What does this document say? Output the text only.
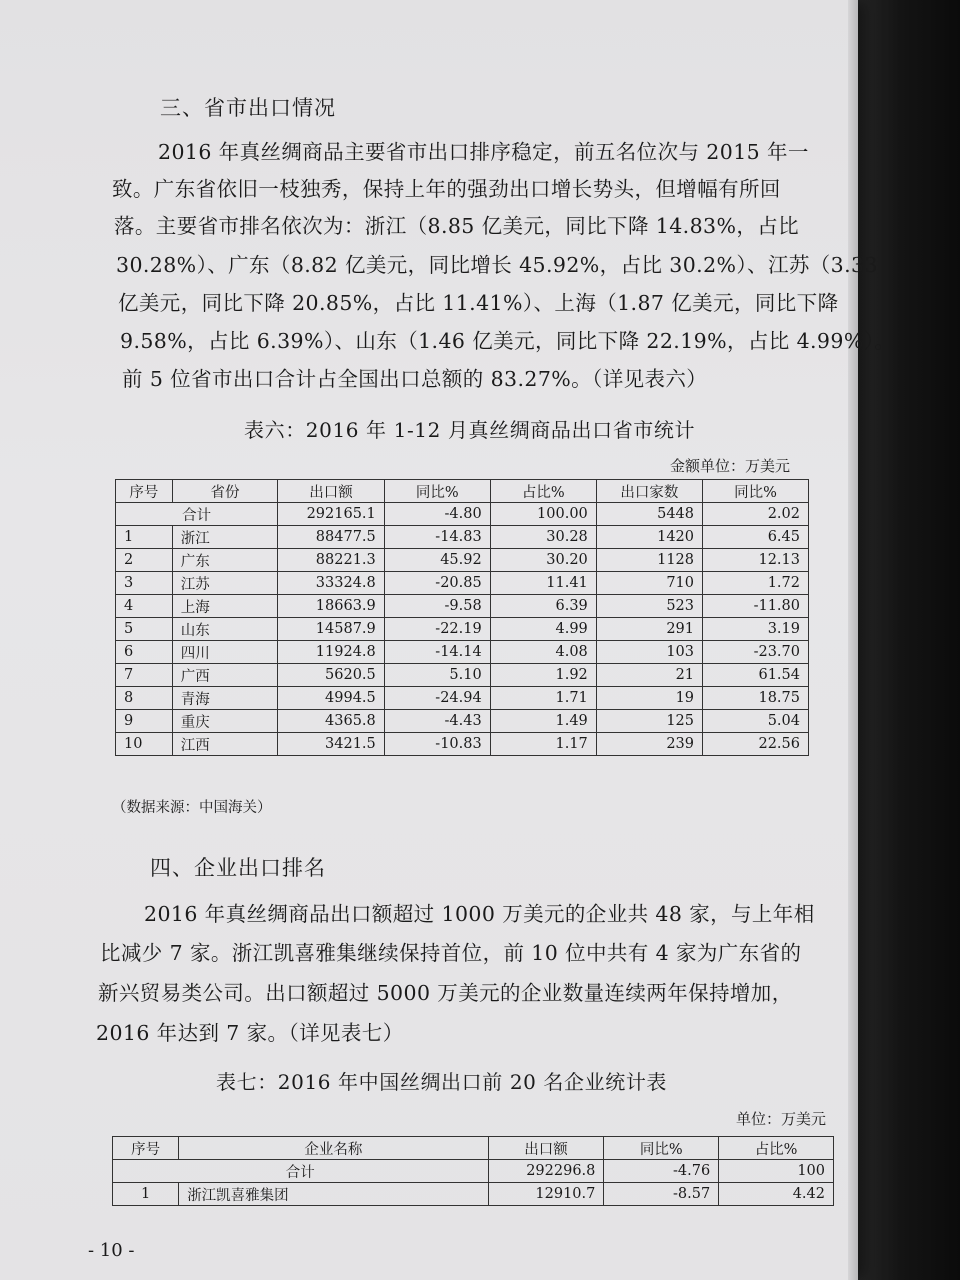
三、省市出口情况
2016 年真丝绸商品主要省市出口排序稳定，前五名位次与 2015 年一
致。广东省依旧一枝独秀，保持上年的强劲出口增长势头，但增幅有所回
落。主要省市排名依次为：浙江（8.85 亿美元，同比下降 14.83%，占比
30.28%）、广东（8.82 亿美元，同比增长 45.92%，占比 30.2%）、江苏（3.33
亿美元，同比下降 20.85%，占比 11.41%）、上海（1.87 亿美元，同比下降
9.58%，占比 6.39%）、山东（1.46 亿美元，同比下降 22.19%，占比 4.99%）。
前 5 位省市出口合计占全国出口总额的 83.27%。（详见表六）
表六：2016 年 1-12 月真丝绸商品出口省市统计
金额单位：万美元
序号	省份	出口额	同比%	占比%	出口家数	同比%
合计		292165.1	-4.80	100.00	5448	2.02
1	浙江	88477.5	-14.83	30.28	1420	6.45
2	广东	88221.3	45.92	30.20	1128	12.13
3	江苏	33324.8	-20.85	11.41	710	1.72
4	上海	18663.9	-9.58	6.39	523	-11.80
5	山东	14587.9	-22.19	4.99	291	3.19
6	四川	11924.8	-14.14	4.08	103	-23.70
7	广西	5620.5	5.10	1.92	21	61.54
8	青海	4994.5	-24.94	1.71	19	18.75
9	重庆	4365.8	-4.43	1.49	125	5.04
10	江西	3421.5	-10.83	1.17	239	22.56
（数据来源：中国海关）
四、企业出口排名
2016 年真丝绸商品出口额超过 1000 万美元的企业共 48 家，与上年相
比减少 7 家。浙江凯喜雅集继续保持首位，前 10 位中共有 4 家为广东省的
新兴贸易类公司。出口额超过 5000 万美元的企业数量连续两年保持增加，
2016 年达到 7 家。（详见表七）
表七：2016 年中国丝绸出口前 20 名企业统计表
单位：万美元
序号	企业名称	出口额	同比%	占比%
合计		292296.8	-4.76	100
1	浙江凯喜雅集团	12910.7	-8.57	4.42
- 10 -
